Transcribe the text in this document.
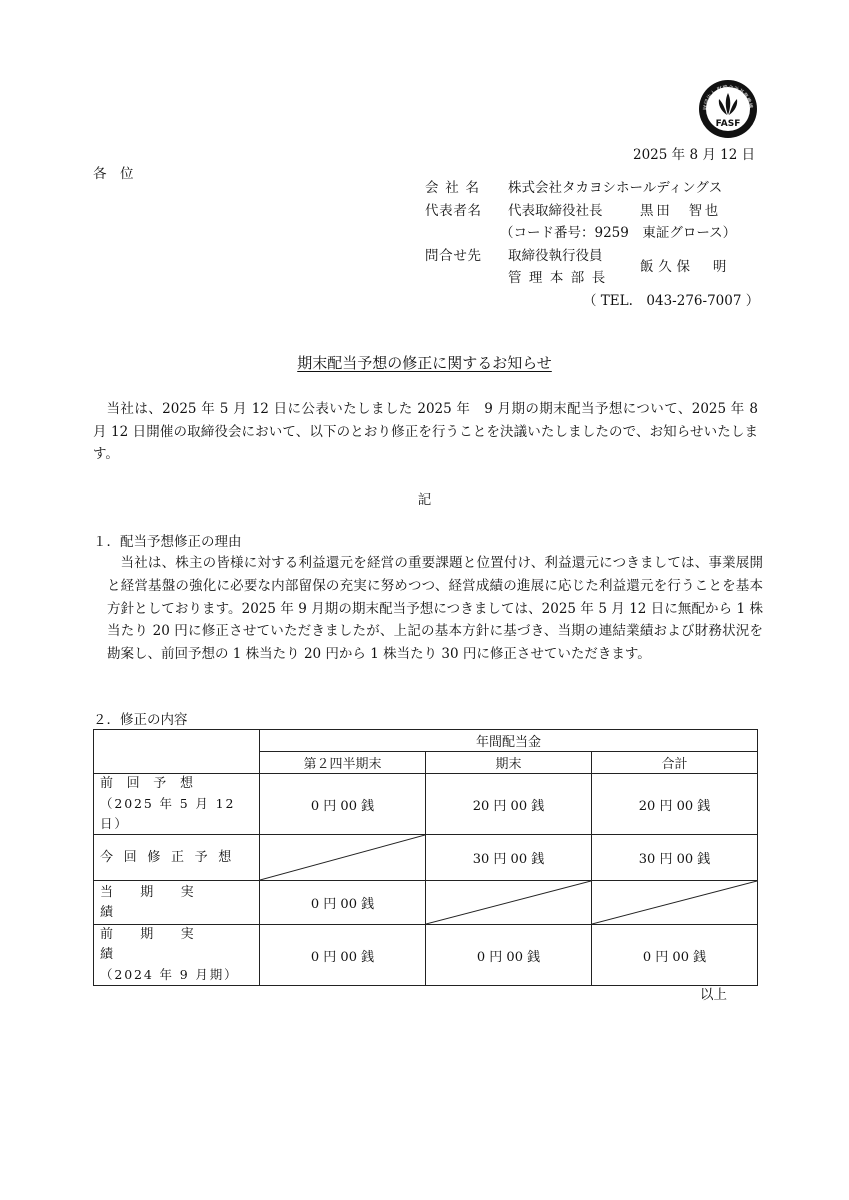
財団法人 財務会計基準機構
FASF
2025 年 8 月 12 日
各　位
会社名 株式会社タカヨシホールディングス
代表者名 代表取締役社長	黒田　智也
（コード番号：9259　東証グロース）
問合せ先 取締役執行役員
管理本部長
飯久保　明
（ TEL.　043-276-7007 ）
期末配当予想の修正に関するお知らせ
当社は、2025 年 5 月 12 日に公表いたしました 2025 年　9 月期の期末配当予想について、2025 年 8 月 12 日開催の取締役会において、以下のとおり修正を行うことを決議いたしましたので、お知らせいたします。
記
１．配当予想修正の理由
当社は、株主の皆様に対する利益還元を経営の重要課題と位置付け、利益還元につきましては、事業展開と経営基盤の強化に必要な内部留保の充実に努めつつ、経営成績の進展に応じた利益還元を行うことを基本方針としております。2025 年 9 月期の期末配当予想につきましては、2025 年 5 月 12 日に無配から 1 株当たり 20 円に修正させていただきましたが、上記の基本方針に基づき、当期の連結業績および財務状況を勘案し、前回予想の 1 株当たり 20 円から 1 株当たり 30 円に修正させていただきます。
２．修正の内容
	年間配当金		
	第２四半期末	期末	合計

前回予想
（2025 年 5 月 12 日）	0 円 00 銭	20 円 00 銭	20 円 00 銭

今回修正予想		30 円 00 銭	30 円 00 銭

当期実績	0 円 00 銭	

前期実績
（2024 年 9 月期）	0 円 00 銭	0 円 00 銭	0 円 00 銭
以上
